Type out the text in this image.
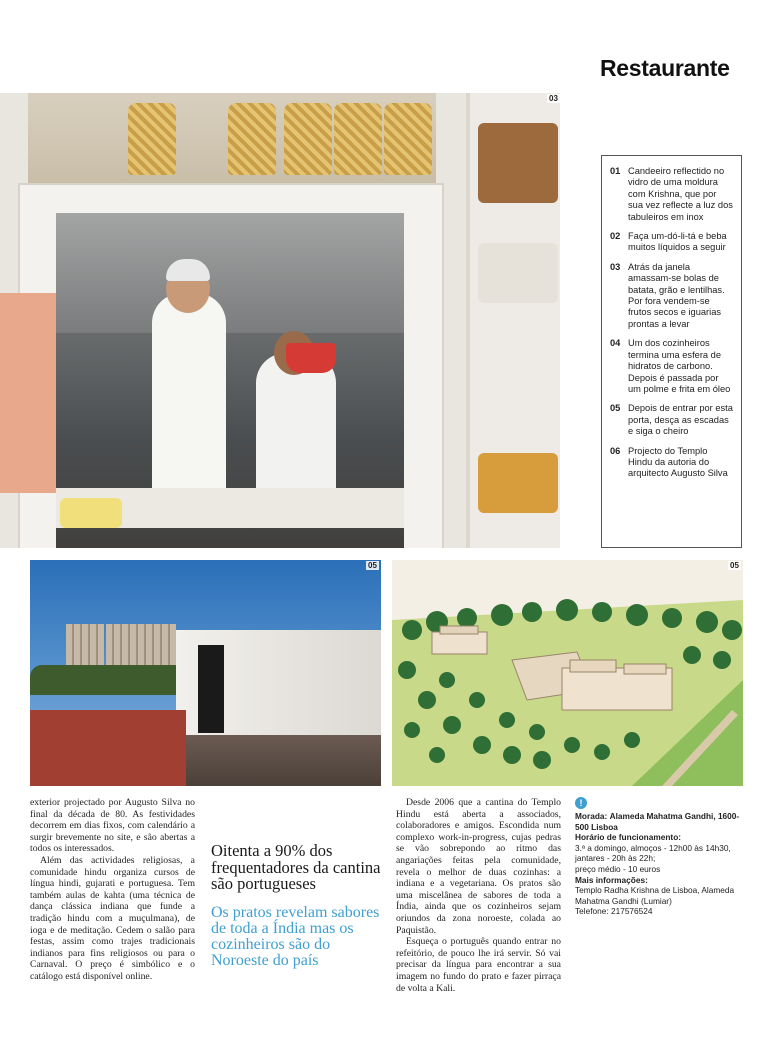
Restaurante
03
01 Candeeiro reflectido no vidro de uma moldura com Krishna, que por sua vez reflecte a luz dos tabuleiros em inox
02 Faça um-dó-li-tá e beba muitos líquidos a seguir
03 Atrás da janela amassam-se bolas de batata, grão e lentilhas. Por fora vendem-se frutos secos e iguarias prontas a levar
04 Um dos cozinheiros termina uma esfera de hidratos de carbono. Depois é passada por um polme e frita em óleo
05 Depois de entrar por esta porta, desça as escadas e siga o cheiro
06 Projecto do Templo Hindu da autoria do arquitecto Augusto Silva
05	05

exterior projectado por Augusto Silva no final da década de 80. As festividades decorrem em dias fixos, com calendário a surgir brevemente no site, e são abertas a todos os interessados.

Além das actividades religiosas, a comunidade hindu organiza cursos de língua hindi, gujarati e portuguesa. Tem também aulas de kahta (uma técnica de dança clássica indiana que funde a tradição hindu com a muçulmana), de ioga e de meditação. Cedem o salão para festas, assim como trajes tradicionais indianos para fins religiosos ou para o Carnaval. O preço é simbólico e o catálogo está disponível online.

Oitenta a 90% dos frequentadores da cantina são portugueses
Os pratos revelam sabores de toda a Índia mas os cozinheiros são do Noroeste do país

Desde 2006 que a cantina do Templo Hindu está aberta a associados, colaboradores e amigos. Escondida num complexo work-in-progress, cujas pedras se vão sobrepondo ao ritmo das angariações feitas pela comunidade, revela o melhor de duas cozinhas: a indiana e a vegetariana. Os pratos são uma miscelânea de sabores de toda a Índia, ainda que os cozinheiros sejam oriundos da zona noroeste, colada ao Paquistão.

Esqueça o português quando entrar no refeitório, de pouco lhe irá servir. Só vai precisar da língua para encontrar a sua imagem no fundo do prato e fazer pirraça de volta a Kali.

!
Morada: Alameda Mahatma Gandhi, 1600-500 Lisboa
Horário de funcionamento:
3.ª a domingo, almoços - 12h00 às 14h30, jantares - 20h às 22h;
preço médio - 10 euros
Mais informações:
Templo Radha Krishna de Lisboa, Alameda Mahatma Gandhi (Lumiar)
Telefone: 217576524
